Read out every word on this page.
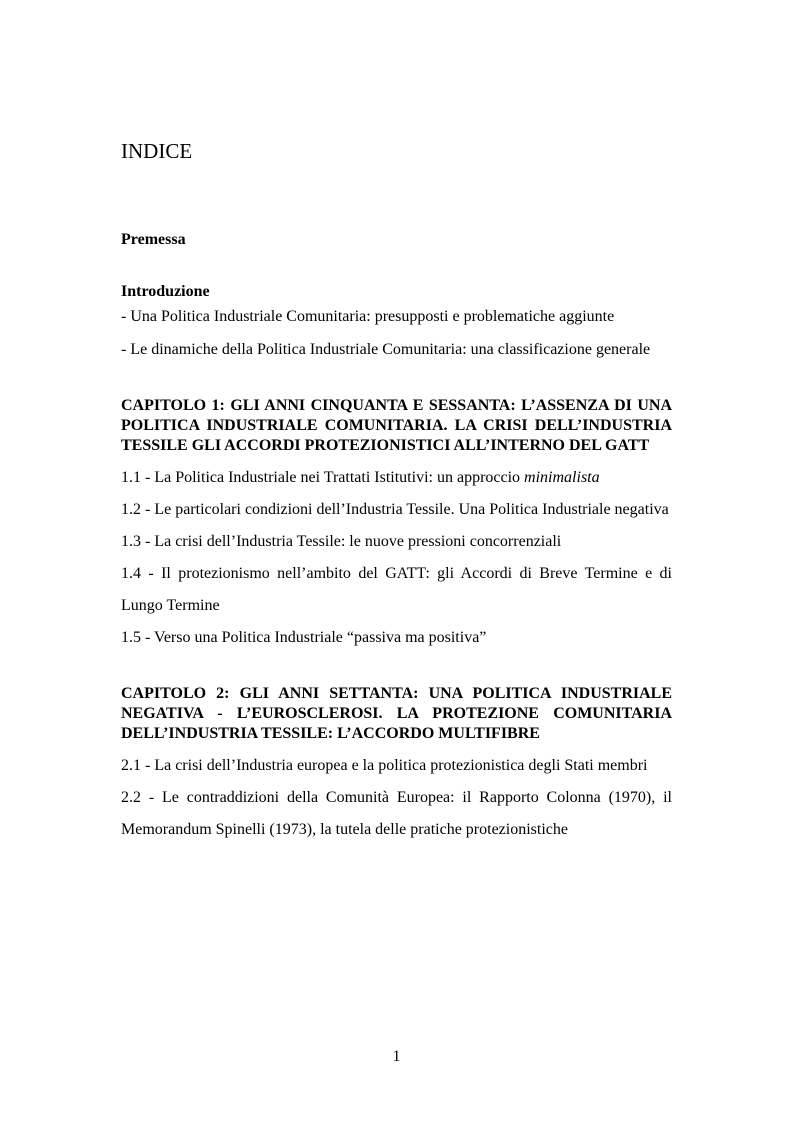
INDICE

Premessa

Introduzione

- Una Politica Industriale Comunitaria: presupposti e problematiche aggiunte

- Le dinamiche della Politica Industriale Comunitaria: una classificazione generale

CAPITOLO 1: GLI ANNI CINQUANTA E SESSANTA: L’ASSENZA DI UNA POLITICA INDUSTRIALE COMUNITARIA. LA CRISI DELL’INDUSTRIA TESSILE GLI ACCORDI PROTEZIONISTICI ALL’INTERNO DEL GATT

1.1 - La Politica Industriale nei Trattati Istitutivi: un approccio minimalista

1.2 - Le particolari condizioni dell’Industria Tessile. Una Politica Industriale negativa

1.3 - La crisi dell’Industria Tessile: le nuove pressioni concorrenziali

1.4 - Il protezionismo nell’ambito del GATT: gli Accordi di Breve Termine e di Lungo Termine

1.5 - Verso una Politica Industriale “passiva ma positiva”

CAPITOLO 2: GLI ANNI SETTANTA: UNA POLITICA INDUSTRIALE NEGATIVA - L’EUROSCLEROSI. LA PROTEZIONE COMUNITARIA DELL’INDUSTRIA TESSILE: L’ACCORDO MULTIFIBRE

2.1 - La crisi dell’Industria europea e la politica protezionistica degli Stati membri

2.2 - Le contraddizioni della Comunità Europea: il Rapporto Colonna (1970), il Memorandum Spinelli (1973), la tutela delle pratiche protezionistiche

1
